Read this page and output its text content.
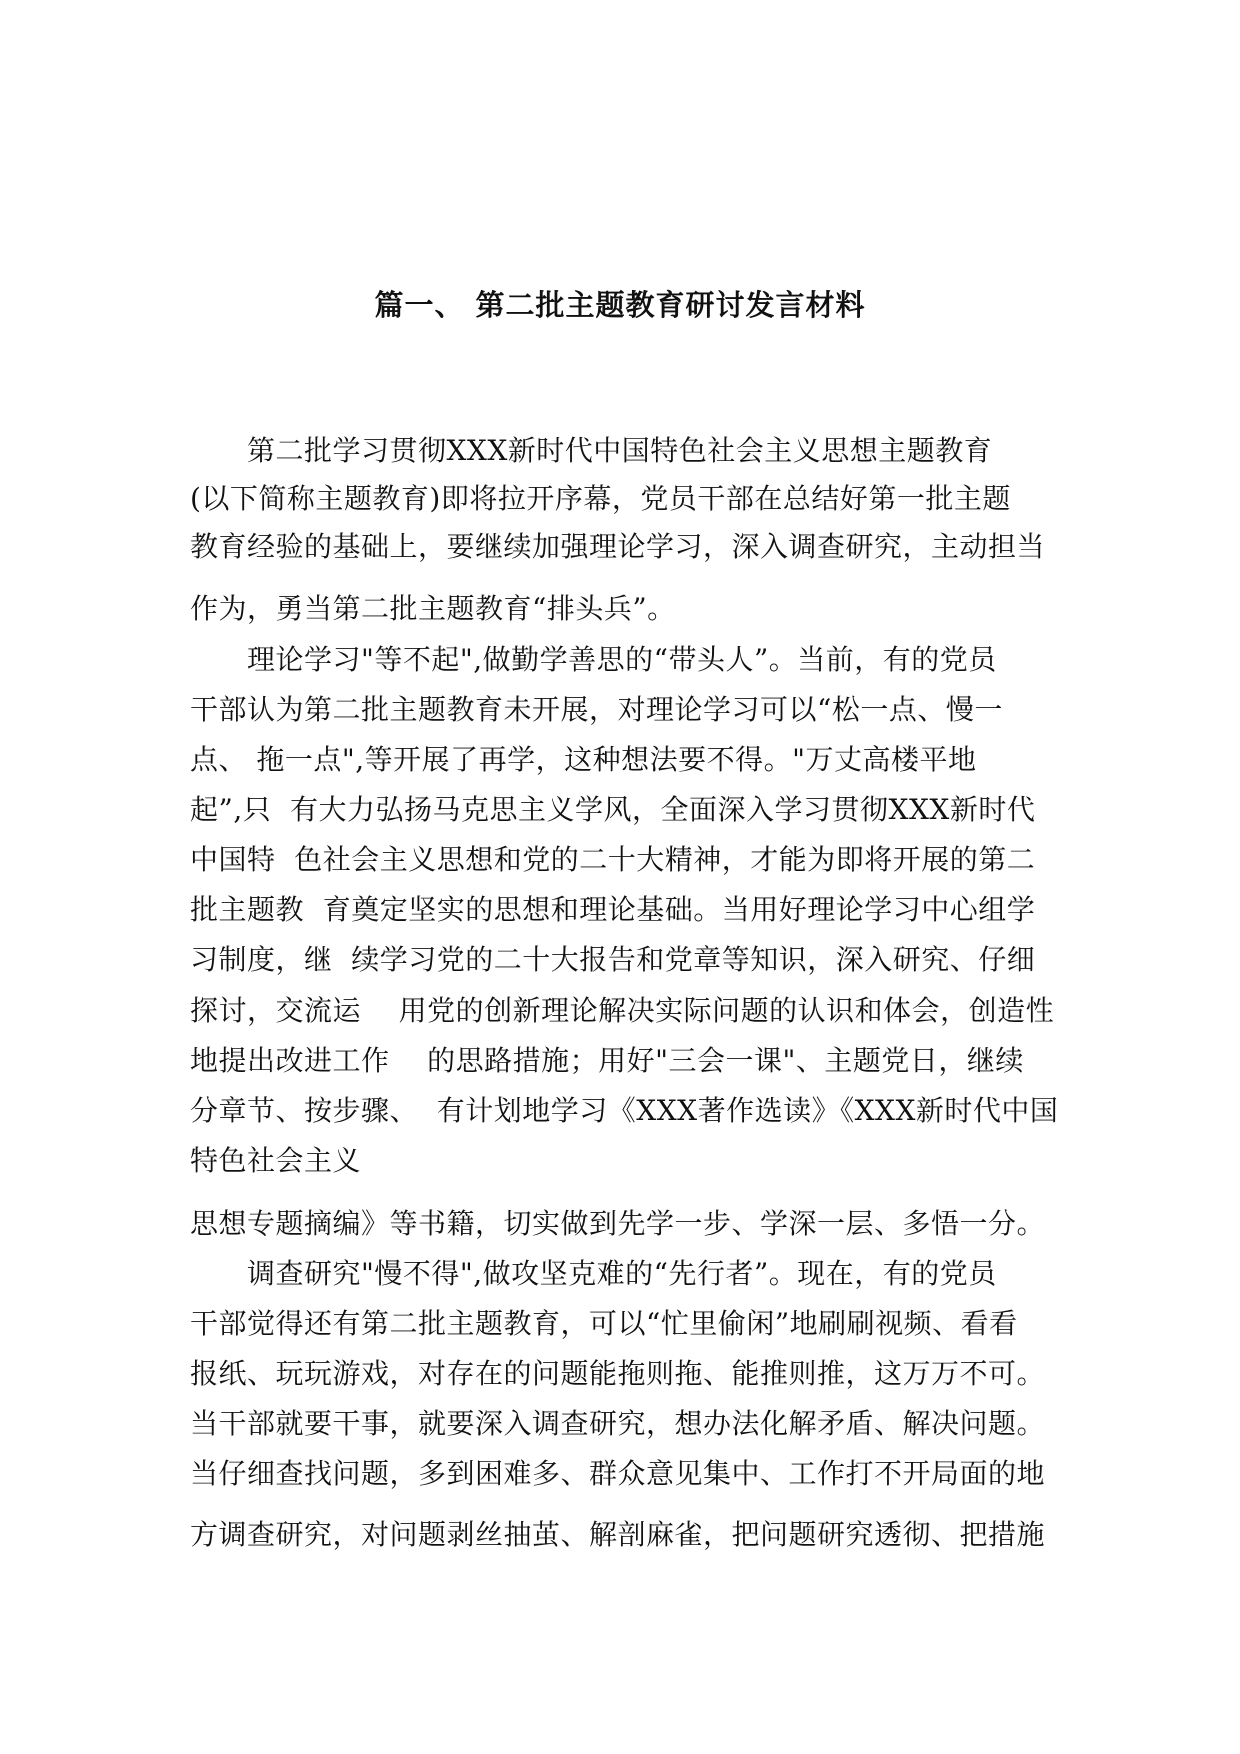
篇一、 第二批主题教育研讨发言材料
　　第二批学习贯彻XXX新时代中国特色社会主义思想主题教育
(以下简称主题教育)即将拉开序幕，党员干部在总结好第一批主题
教育经验的基础上，要继续加强理论学习，深入调查研究，主动担当
作为，勇当第二批主题教育“排头兵”。
　　理论学习"等不起",做勤学善思的“带头人”。当前，有的党员
干部认为第二批主题教育未开展，对理论学习可以“松一点、慢一
点、 拖一点",等开展了再学，这种想法要不得。"万丈高楼平地
起”,只  有大力弘扬马克思主义学风，全面深入学习贯彻XXX新时代
中国特  色社会主义思想和党的二十大精神，才能为即将开展的第二
批主题教  育奠定坚实的思想和理论基础。当用好理论学习中心组学
习制度，继  续学习党的二十大报告和党章等知识，深入研究、仔细
探讨，交流运    用党的创新理论解决实际问题的认识和体会，创造性
地提出改进工作    的思路措施；用好"三会一课"、主题党日，继续
分章节、按步骤、  有计划地学习《XXX著作选读》《XXX新时代中国
特色社会主义
思想专题摘编》等书籍，切实做到先学一步、学深一层、多悟一分。
　　调查研究"慢不得",做攻坚克难的“先行者”。现在，有的党员
干部觉得还有第二批主题教育，可以“忙里偷闲”地刷刷视频、看看
报纸、玩玩游戏，对存在的问题能拖则拖、能推则推，这万万不可。
当干部就要干事，就要深入调查研究，想办法化解矛盾、解决问题。
当仔细查找问题，多到困难多、群众意见集中、工作打不开局面的地
方调查研究，对问题剥丝抽茧、解剖麻雀，把问题研究透彻、把措施
